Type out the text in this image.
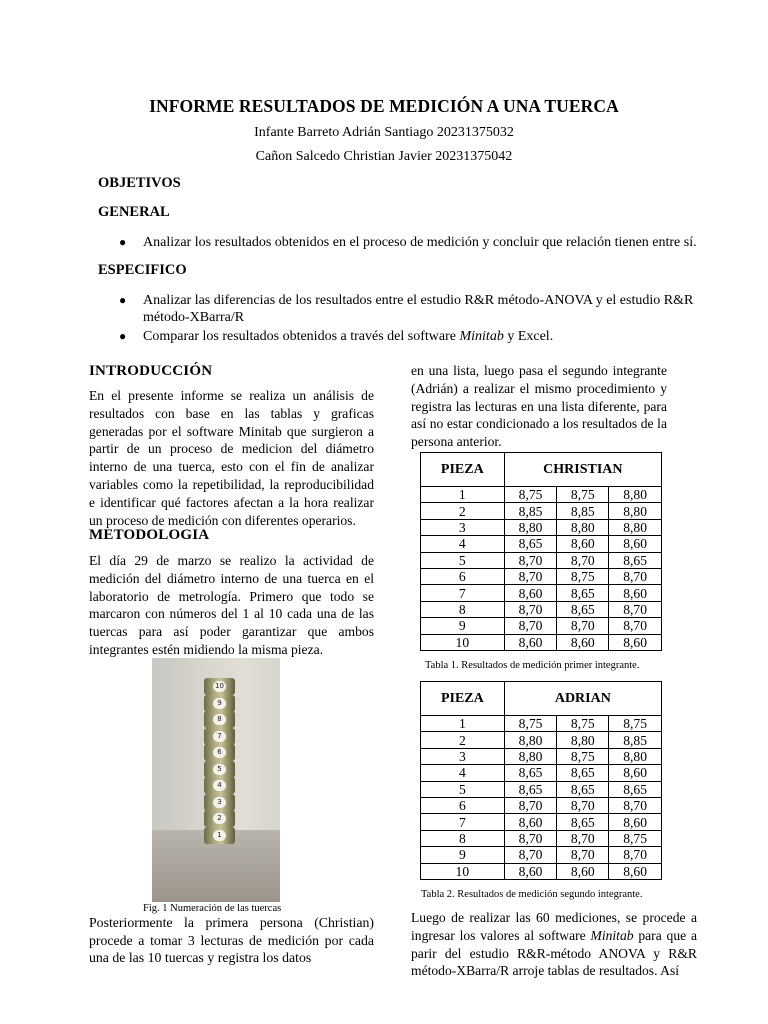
INFORME RESULTADOS DE MEDICIÓN A UNA TUERCA
Infante Barreto Adrián Santiago 20231375032
Cañon Salcedo Christian Javier 20231375042
OBJETIVOS
GENERAL
● Analizar los resultados obtenidos en el proceso de medición y concluir que relación tienen entre sí.
ESPECIFICO
● Analizar las diferencias de los resultados entre el estudio R&R método-ANOVA y el estudio R&R
método-XBarra/R
● Comparar los resultados obtenidos a través del software Minitab y Excel.
INTRODUCCIÓN
En el presente informe se realiza un análisis de resultados con base en las tablas y graficas generadas por el software Minitab que surgieron a partir de un proceso de medicion del diámetro interno de una tuerca, esto con el fin de analizar variables como la repetibilidad, la reproducibilidad e identificar qué factores afectan a la hora realizar un proceso de medición con diferentes operarios.
METODOLOGIA
El día 29 de marzo se realizo la actividad de medición del diámetro interno de una tuerca en el laboratorio de metrología. Primero que todo se marcaron con números del 1 al 10 cada una de las tuercas para así poder garantizar que ambos integrantes estén midiendo la misma pieza.
10
9
8
7
6
5
4
3
2
1
Fig. 1 Numeración de las tuercas
Posteriormente la primera persona (Christian) procede a tomar 3 lecturas de medición por cada una de las 10 tuercas y registra los datos
en una lista, luego pasa el segundo integrante (Adrián) a realizar el mismo procedimiento y registra las lecturas en una lista diferente, para así no estar condicionado a los resultados de la persona anterior.
PIEZA	CHRISTIAN		
1	8,75	8,75	8,80
2	8,85	8,85	8,80
3	8,80	8,80	8,80
4	8,65	8,60	8,60
5	8,70	8,70	8,65
6	8,70	8,75	8,70
7	8,60	8,65	8,60
8	8,70	8,65	8,70
9	8,70	8,70	8,70
10	8,60	8,60	8,60
Tabla 1. Resultados de medición primer integrante.
PIEZA	ADRIAN		
1	8,75	8,75	8,75
2	8,80	8,80	8,85
3	8,80	8,75	8,80
4	8,65	8,65	8,60
5	8,65	8,65	8,65
6	8,70	8,70	8,70
7	8,60	8,65	8,60
8	8,70	8,70	8,75
9	8,70	8,70	8,70
10	8,60	8,60	8,60
Tabla 2. Resultados de medición segundo integrante.
Luego de realizar las 60 mediciones, se procede a ingresar los valores al software Minitab para que a parir del estudio R&R-método ANOVA y R&R método-XBarra/R arroje tablas de resultados. Así
